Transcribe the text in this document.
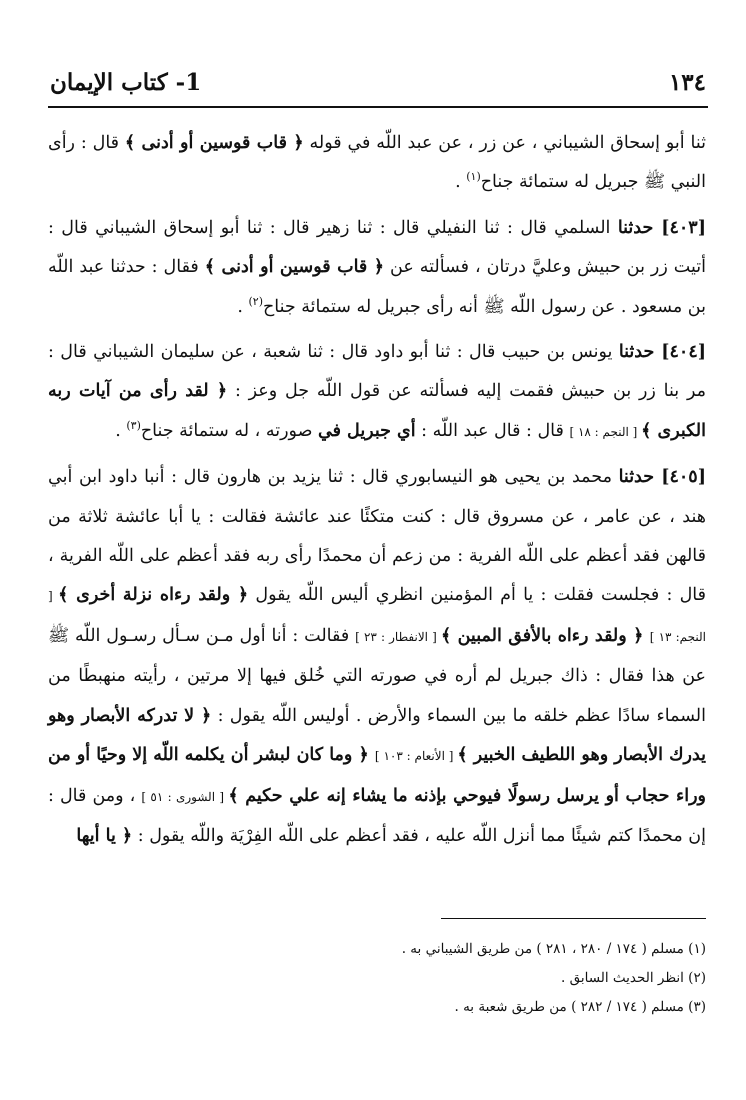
١٣٤
1- كتاب الإيمان

ثنا أبو إسحاق الشيباني ، عن زر ، عن عبد اللّه في قوله ﴿ قاب قوسين أو أدنى ﴾ قال : رأى النبي ﷺ جبريل له ستمائة جناح$^{(١)}$ .

[٤٠٣] حدثنا السلمي قال : ثنا النفيلي قال : ثنا زهير قال : ثنا أبو إسحاق الشيباني قال : أتيت زر بن حبيش وعليَّ درتان ، فسألته عن ﴿ قاب قوسين أو أدنى ﴾ فقال : حدثنا عبد اللّه بن مسعود . عن رسول اللّه ﷺ أنه رأى جبريل له ستمائة جناح$^{(٢)}$ .

[٤٠٤] حدثنا يونس بن حبيب قال : ثنا أبو داود قال : ثنا شعبة ، عن سليمان الشيباني قال : مر بنا زر بن حبيش فقمت إليه فسألته عن قول اللّه جل وعز : ﴿ لقد رأى من آيات ربه الكبرى ﴾ [ النجم : ١٨ ] قال : قال عبد اللّه : أي جبريل في صورته ، له ستمائة جناح$^{(٣)}$ .

[٤٠٥] حدثنا محمد بن يحيى هو النيسابوري قال : ثنا يزيد بن هارون قال : أنبا داود ابن أبي هند ، عن عامر ، عن مسروق قال : كنت متكئًا عند عائشة فقالت : يا أبا عائشة ثلاثة من قالهن فقد أعظم على اللّه الفرية : من زعم أن محمدًا رأى ربه فقد أعظم على اللّه الفرية ، قال : فجلست فقلت : يا أم المؤمنين انظري أليس اللّه يقول ﴿ ولقد رءاه نزلة أخرى ﴾ [ النجم: ١٣ ] ﴿ ولقد رءاه بالأفق المبين ﴾ [ الانفطار : ٢٣ ] فقالت : أنا أول مـن سـأل رسـول اللّه ﷺ عن هذا فقال : ذاك جبريل لم أره في صورته التي خُلق فيها إلا مرتين ، رأيته منهبطًا من السماء سادًا عظم خلقه ما بين السماء والأرض . أوليس اللّه يقول : ﴿ لا تدركه الأبصار وهو يدرك الأبصار وهو اللطيف الخبير ﴾ [ الأنعام : ١٠٣ ] ﴿ وما كان لبشر أن يكلمه اللّه إلا وحيًا أو من وراء حجاب أو يرسل رسولًا فيوحي بإذنه ما يشاء إنه علي حكيم ﴾ [ الشورى : ٥١ ] ، ومن قال : إن محمدًا كتم شيئًا مما أنزل اللّه عليه ، فقد أعظم على اللّه الفِرْيَة واللّه يقول : ﴿ يا أيها

(١) مسلم ( ١٧٤ / ٢٨٠ ، ٢٨١ ) من طريق الشيباني به .
(٢) انظر الحديث السابق .
(٣) مسلم ( ١٧٤ / ٢٨٢ ) من طريق شعبة به .
